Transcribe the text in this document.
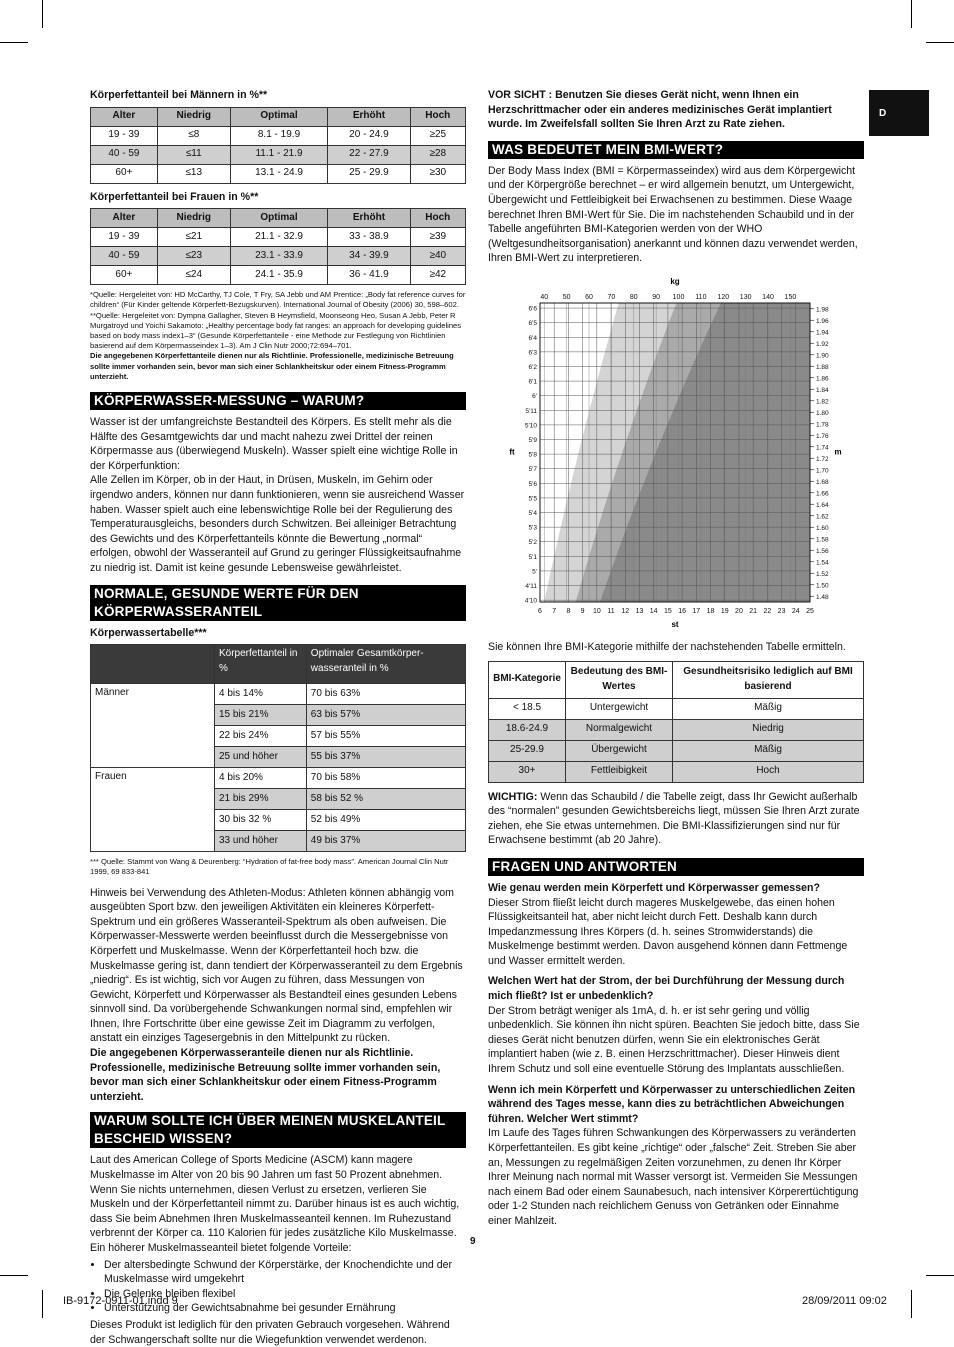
D

Körperfettanteil bei Männern in %**

Alter	Niedrig	Optimal	Erhöht	Hoch
19 - 39	≤8	8.1 - 19.9	20 - 24.9	≥25
40 - 59	≤11	11.1 - 21.9	22 - 27.9	≥28
60+	≤13	13.1 - 24.9	25 - 29.9	≥30

Körperfettanteil bei Frauen in %**

Alter	Niedrig	Optimal	Erhöht	Hoch
19 - 39	≤21	21.1 - 32.9	33 - 38.9	≥39
40 - 59	≤23	23.1 - 33.9	34 - 39.9	≥40
60+	≤24	24.1 - 35.9	36 - 41.9	≥42

*Quelle: Hergeleitet von: HD McCarthy, TJ Cole, T Fry, SA Jebb und AM Prentice: „Body fat reference curves for children“ (Für Kinder geltende Körperfett-Bezugskurven). International Journal of Obesity (2006) 30, 598–602.

**Quelle: Hergeleitet von: Dympna Gallagher, Steven B Heymsfield, Moonseong Heo, Susan A Jebb, Peter R Murgatroyd und Yoichi Sakamoto: „Healthy percentage body fat ranges: an approach for developing guidelines based on body mass index1–3“ (Gesunde Körperfettanteile - eine Methode zur Festlegung von Richtlinien basierend auf dem Körpermasseindex 1–3). Am J Clin Nutr 2000;72:694–701.

Die angegebenen Körperfettanteile dienen nur als Richtlinie. Professionelle, medizinische Betreuung sollte immer vorhanden sein, bevor man sich einer Schlankheitskur oder einem Fitness-Programm unterzieht.

KÖRPERWASSER-MESSUNG – WARUM?

Wasser ist der umfangreichste Bestandteil des Körpers. Es stellt mehr als die Hälfte des Gesamtgewichts dar und macht nahezu zwei Drittel der reinen Körpermasse aus (überwiegend Muskeln). Wasser spielt eine wichtige Rolle in der Körperfunktion:

Alle Zellen im Körper, ob in der Haut, in Drüsen, Muskeln, im Gehirn oder irgendwo anders, können nur dann funktionieren, wenn sie ausreichend Wasser haben. Wasser spielt auch eine lebenswichtige Rolle bei der Regulierung des Temperaturausgleichs, besonders durch Schwitzen. Bei alleiniger Betrachtung des Gewichts und des Körperfettanteils könnte die Bewertung „normal“ erfolgen, obwohl der Wasseranteil auf Grund zu geringer Flüssigkeitsaufnahme zu niedrig ist. Damit ist keine gesunde Lebensweise gewährleistet.

NORMALE, GESUNDE WERTE FÜR DEN KÖRPERWASSERANTEIL

Körperwassertabelle***

	Körperfettanteil in %	Optimaler Gesamtkörper-wasseranteil in %
Männer	4 bis 14%	70 bis 63%
	15 bis 21%	63 bis 57%
	22 bis 24%	57 bis 55%
	25 und höher	55 bis 37%
Frauen	4 bis 20%	70 bis 58%
	21 bis 29%	58 bis 52 %
	30 bis 32 %	52 bis 49%
	33 und höher	49 bis 37%

*** Quelle: Stammt von Wang & Deurenberg: “Hydration of fat-free body mass”. American Journal Clin Nutr 1999, 69 833-841

Hinweis bei Verwendung des Athleten-Modus: Athleten können abhängig vom ausgeübten Sport bzw. den jeweiligen Aktivitäten ein kleineres Körperfett-Spektrum und ein größeres Wasseranteil-Spektrum als oben aufweisen. Die Körperwasser-Messwerte werden beeinflusst durch die Messergebnisse von Körperfett und Muskelmasse. Wenn der Körperfettanteil hoch bzw. die Muskelmasse gering ist, dann tendiert der Körperwasseranteil zu dem Ergebnis „niedrig“. Es ist wichtig, sich vor Augen zu führen, dass Messungen von Gewicht, Körperfett und Körperwasser als Bestandteil eines gesunden Lebens sinnvoll sind. Da vorübergehende Schwankungen normal sind, empfehlen wir Ihnen, Ihre Fortschritte über eine gewisse Zeit im Diagramm zu verfolgen, anstatt ein einziges Tagesergebnis in den Mittelpunkt zu rücken.

Die angegebenen Körperwasseranteile dienen nur als Richtlinie.

Professionelle, medizinische Betreuung sollte immer vorhanden sein, bevor man sich einer Schlankheitskur oder einem Fitness-Programm unterzieht.

WARUM SOLLTE ICH ÜBER MEINEN MUSKELANTEIL BESCHEID WISSEN?

Laut des American College of Sports Medicine (ASCM) kann magere Muskelmasse im Alter von 20 bis 90 Jahren um fast 50 Prozent abnehmen. Wenn Sie nichts unternehmen, diesen Verlust zu ersetzen, verlieren Sie Muskeln und der Körperfettanteil nimmt zu. Darüber hinaus ist es auch wichtig, dass Sie beim Abnehmen Ihren Muskelmasseanteil kennen. Im Ruhezustand verbrennt der Körper ca. 110 Kalorien für jedes zusätzliche Kilo Muskelmasse. Ein höherer Muskelmasseanteil bietet folgende Vorteile:

• Der altersbedingte Schwund der Körperstärke, der Knochendichte und der Muskelmasse wird umgekehrt
• Die Gelenke bleiben flexibel
• Unterstützung der Gewichtsabnahme bei gesunder Ernährung

Dieses Produkt ist lediglich für den privaten Gebrauch vorgesehen. Während der Schwangerschaft sollte nur die Wiegefunktion verwendet werdenon.

VOR SICHT : Benutzen Sie dieses Gerät nicht, wenn Ihnen ein Herzschrittmacher oder ein anderes medizinisches Gerät implantiert wurde. Im Zweifelsfall sollten Sie Ihren Arzt zu Rate ziehen.

WAS BEDEUTET MEIN BMI-WERT?

Der Body Mass Index (BMI = Körpermasseindex) wird aus dem Körpergewicht und der Körpergröße berechnet – er wird allgemein benutzt, um Untergewicht, Übergewicht und Fettleibigkeit bei Erwachsenen zu bestimmen. Diese Waage berechnet Ihren BMI-Wert für Sie. Die im nachstehenden Schaubild und in der Tabelle angeführten BMI-Kategorien werden von der WHO (Weltgesundheitsorganisation) anerkannt und können dazu verwendet werden, Ihren BMI-Wert zu interpretieren.

6 7 8 9 10 11 12 13 14 15 16 17 18 19 20 21 22 23 24 25
40 50 60 70 80 90 100 110 120 130 140 150
6'6
6'5
6'4
6'3
6'2
6'1
6'
5'11
5'10
5'9
5'8
5'7
5'6
5'5
5'4
5'3
5'2
5'1
5'
4'11
4'10
1.98
1.96
1.94
1.92
1.90
1.88
1.86
1.84
1.82
1.80
1.78
1.76
1.74
1.72
1.70
1.68
1.66
1.64
1.62
1.60
1.58
1.56
1.54
1.52
1.50
1.48
kg
st
ft	m

Sie können Ihre BMI-Kategorie mithilfe der nachstehenden Tabelle ermitteln.

BMI-Kategorie	Bedeutung des BMI-Wertes	Gesundheitsrisiko lediglich auf BMI basierend
< 18.5	Untergewicht	Mäßig
18.6-24.9	Normalgewicht	Niedrig
25-29.9	Übergewicht	Mäßig
30+	Fettleibigkeit	Hoch

WICHTIG: Wenn das Schaubild / die Tabelle zeigt, dass Ihr Gewicht außerhalb des “normalen” gesunden Gewichtsbereichs liegt, müssen Sie Ihren Arzt zurate ziehen, ehe Sie etwas unternehmen. Die BMI-Klassifizierungen sind nur für Erwachsene bestimmt (ab 20 Jahre).

FRAGEN UND ANTWORTEN

Wie genau werden mein Körperfett und Körperwasser gemessen?

Dieser Strom fließt leicht durch mageres Muskelgewebe, das einen hohen Flüssigkeitsanteil hat, aber nicht leicht durch Fett. Deshalb kann durch Impedanzmessung Ihres Körpers (d. h. seines Stromwiderstands) die Muskelmenge bestimmt werden. Davon ausgehend können dann Fettmenge und Wasser ermittelt werden.

Welchen Wert hat der Strom, der bei Durchführung der Messung durch mich fließt? Ist er unbedenklich?

Der Strom beträgt weniger als 1mA, d. h. er ist sehr gering und völlig unbedenklich. Sie können ihn nicht spüren. Beachten Sie jedoch bitte, dass Sie dieses Gerät nicht benutzen dürfen, wenn Sie ein elektronisches Gerät implantiert haben (wie z. B. einen Herzschrittmacher). Dieser Hinweis dient Ihrem Schutz und soll eine eventuelle Störung des Implantats ausschließen.

Wenn ich mein Körperfett und Körperwasser zu unterschiedlichen Zeiten während des Tages messe, kann dies zu beträchtlichen Abweichungen führen. Welcher Wert stimmt?

Im Laufe des Tages führen Schwankungen des Körperwassers zu veränderten Körperfettanteilen. Es gibt keine „richtige“ oder „falsche“ Zeit. Streben Sie aber an, Messungen zu regelmäßigen Zeiten vorzunehmen, zu denen Ihr Körper Ihrer Meinung nach normal mit Wasser versorgt ist. Vermeiden Sie Messungen nach einem Bad oder einem Saunabesuch, nach intensiver Körperertüchtigung oder 1-2 Stunden nach reichlichem Genuss von Getränken oder Einnahme einer Mahlzeit.

9
IB-9172-0911-01.indd 9	28/09/2011 09:02
